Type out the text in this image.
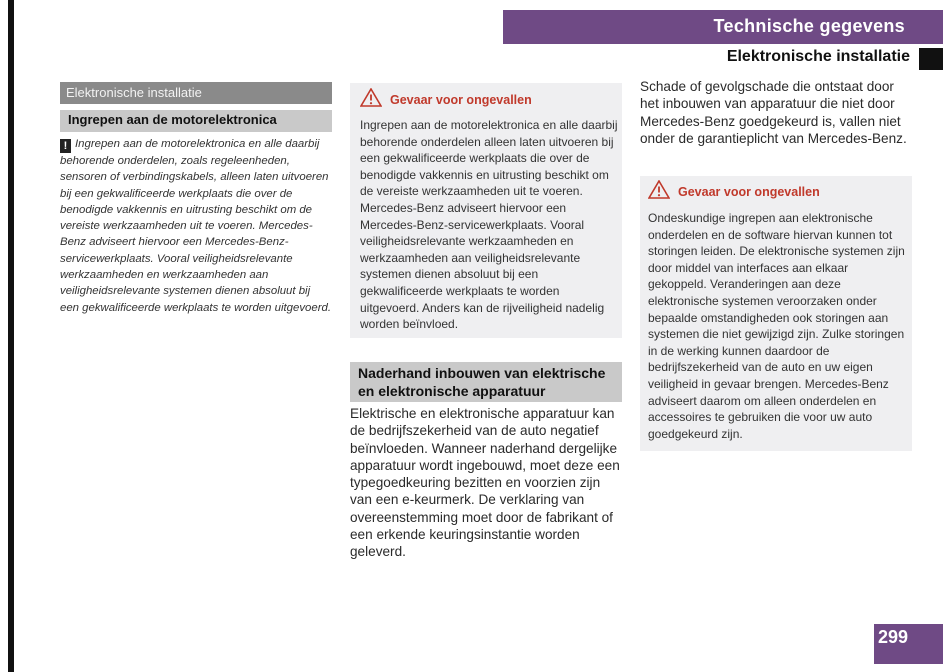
Technische gegevens
Elektronische installatie
Elektronische installatie
Ingrepen aan de motorelektronica
! Ingrepen aan de motorelektronica en alle daarbij behorende onderdelen, zoals regeleenheden, sensoren of verbindingskabels, alleen laten uitvoeren bij een gekwalificeerde werkplaats die over de benodigde vakkennis en uitrusting beschikt om de vereiste werkzaamheden uit te voeren. Mercedes-Benz adviseert hiervoor een Mercedes-Benz-servicewerkplaats. Vooral veiligheidsrelevante werkzaamheden en werkzaamheden aan veiligheidsrelevante systemen dienen absoluut bij een gekwalificeerde werkplaats te worden uitgevoerd.
Gevaar voor ongevallen
Ingrepen aan de motorelektronica en alle daarbij behorende onderdelen alleen laten uitvoeren bij een gekwalificeerde werkplaats die over de benodigde vakkennis en uitrusting beschikt om de vereiste werkzaamheden uit te voeren. Mercedes-Benz adviseert hiervoor een Mercedes-Benz-servicewerkplaats. Vooral veiligheidsrelevante werkzaamheden en werkzaamheden aan veiligheidsrelevante systemen dienen absoluut bij een gekwalificeerde werkplaats te worden uitgevoerd. Anders kan de rijveiligheid nadelig worden beïnvloed.
Naderhand inbouwen van elektrische en elektronische apparatuur
Elektrische en elektronische apparatuur kan de bedrijfszekerheid van de auto negatief beïnvloeden. Wanneer naderhand dergelijke apparatuur wordt ingebouwd, moet deze een typegoedkeuring bezitten en voorzien zijn van een e-keurmerk. De verklaring van overeenstemming moet door de fabrikant of een erkende keuringsinstantie worden geleverd.
Schade of gevolgschade die ontstaat door het inbouwen van apparatuur die niet door Mercedes-Benz goedgekeurd is, vallen niet onder de garantieplicht van Mercedes-Benz.
Gevaar voor ongevallen
Ondeskundige ingrepen aan elektronische onderdelen en de software hiervan kunnen tot storingen leiden. De elektronische systemen zijn door middel van interfaces aan elkaar gekoppeld. Veranderingen aan deze elektronische systemen veroorzaken onder bepaalde omstandigheden ook storingen aan systemen die niet gewijzigd zijn. Zulke storingen in de werking kunnen daardoor de bedrijfszekerheid van de auto en uw eigen veiligheid in gevaar brengen. Mercedes-Benz adviseert daarom om alleen onderdelen en accessoires te gebruiken die voor uw auto goedgekeurd zijn.
299
